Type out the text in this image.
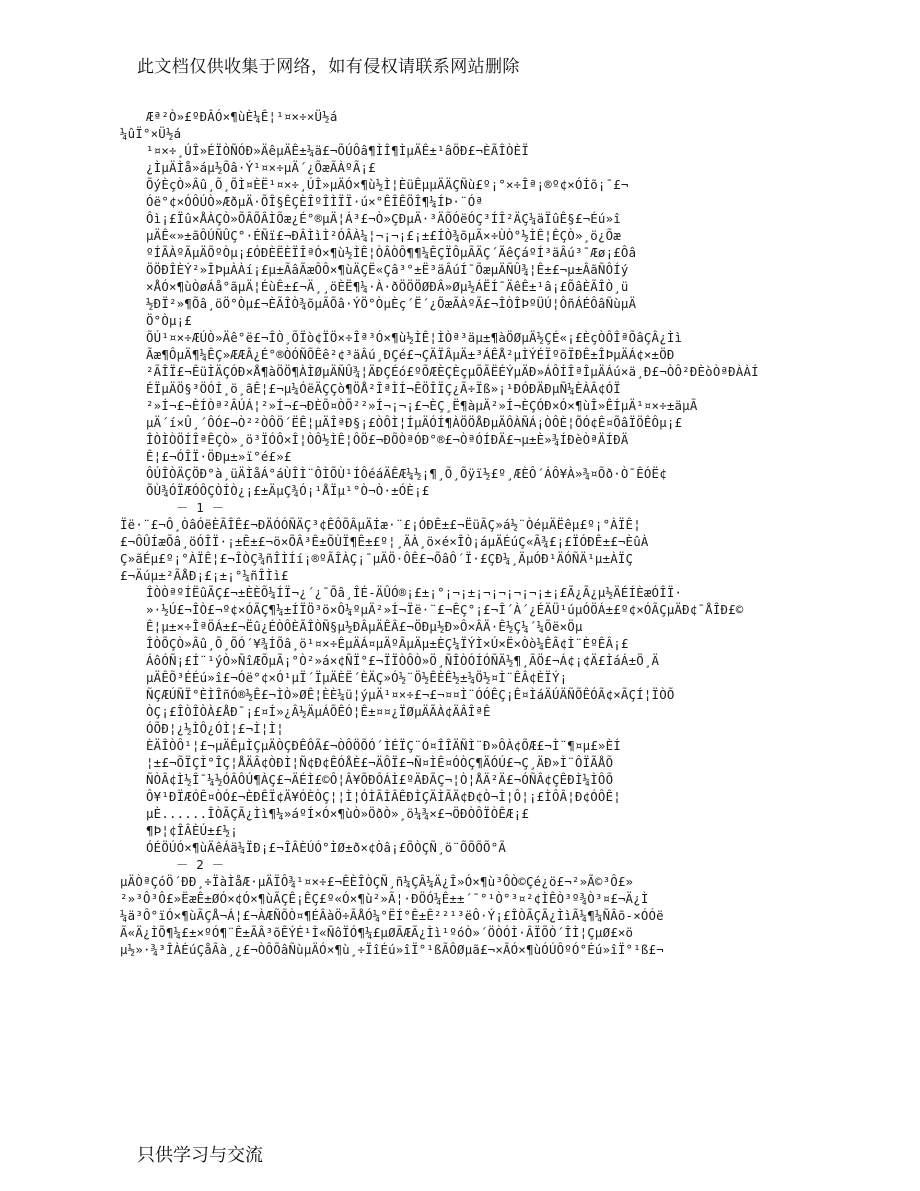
此文档仅供收集于网络，如有侵权请联系网站删除
Æª²Ò»£ºÐÂÓ×¶ùÈ¼Ê¦¹¤×÷×Ü½á
¼ûÏ°×Ü½á
¹¤×÷¸ÚÎ»ÉÏÒÑÓÐ»ÄêµÄÊ±¼ä£¬ÕÚÔâ¶ÌÎ¶ÌµÄÊ±¹âÖÐ£¬ÈÃÎÒÈÏ
¿ÌµÄÌå»áµ½Õâ·Ý¹¤×÷µÄ´¿ÕæÃÀºÃ¡£
ÕýÈçÒ»Âû¸Õ¸ÕÌ¤ÈË¹¤×÷¸ÚÎ»µÄÓ×¶ù½Ì¦ÈüÊµµÄÄÇÑù£º¡°×÷Îª¡®º¢×ÓÍõ¡¯£¬
Óë°¢×ÓÔÚÒ»ÆðµÄ·ÕÎ§ÊÇÈÎºÎÌÏÏ·ú×°ÊÎÊÖÎ¶¼ÍÞ·¨Óª
Ôì¡£Ïû×ÅÀÇÒ»ÕÂÕÂÌÕæ¿É°®µÄ¦Á³£¬Ò»ÇÐµÄ·³ÄÕÓëÓÇ³ÍÎ²ÄÇ¼äÏûÊ§£¬Éú»î
µÄÊ«»±ãÔÚÑÛÇ°·ÉÑï£¬ÐÂÌìÌ²ÓÂÀ¼¦¬¡¬¡£¡±£ÍÒ¾õµÃ×÷ÙÒ°½ÌÊ¦ÊÇÒ»¸ö¿Õæ
ºÍÃÀºÃµÄÕºÒµ¡£ÓÐÈËÈÏÎªÓ×¶ù½ÌÊ¦ÒÂÒÔ¶¶¼ÊÇÏÔµÃÄÇ´ÄêÇáºÍ³äÂú³¯Æø¡£Ôâ
ÖÖÐÎÈÝ²»ÎÞµÀÀí¡£µ±ÃâÃæÔÔ×¶ùÄÇË«Çâ³°±Ë³äÂúÍ¯ÕæµÄÑÛ¾¦Ê±£¬µ±ÂãÑÔÍý
×ÅÓ×¶ùÒøÁå°ãµÄ¦ÉùÊ±£¬Ä¸¸öÈË¶¼·À·ðÖÖÖØÐÂ»Øµ½ÁËÍ¯ÄêÊ±¹â¡£ÕâÈÃÎÒ¸ü
½ÐÏ²»¶Õâ¸öÖ°Òµ£¬ÈÃÎÒ¾õµÃÕâ·ÝÖ°ÒµÈç´Ë´¿ÕæÃÀºÃ£¬ÎÒÎÞºÜÚ¦ÔñÁÉÔâÑùµÄ
Ö°Òµ¡£
ÕÚ¹¤×÷ÆÚÒ»Äê°ë£¬ÎÒ¸ÕÏò¢ÏÖ×÷Îª³Ó×¶ù½ÌÊ¦ÌÒª³äµ±¶àÖØµÄ½ÇÉ«¡£ÈçÒÔÎªÕâÇÂ¿Ìì
Ãæ¶ÔµÄ¶¼ÊÇ»ÆÆÂ¿É°®ÒÓÑÕÊê²¢³äÂú¸ÐÇé£¬ÇÄÏÂµÄ±³ÁÊÅ²µÌÝÉÏºõÏÐÊ±ÎÞµÄÁ¢×±ÖÐ
²ÃÎÏ£¬ÊüÌÄÇÓÐ×Å¶àÖÖ¶ÀÌØµÄÑÛ¾¦ÄÐÇÉó£ºÕÆÈÇÈçµÕÃËÉÝµÄÐ»ÁÔÍÎªÎµÄÁú×ä¸Ð£¬ÒÔ²ÐÈòÒªÐÀÀÍ
ÉÏµÄÖ§³ÖÓÍ¸ö¸ãÊ¦£¬µ¼ÓëÄÇÇò¶ÖÅ²ÎªÌÍ¬ÊÖÎÏÇ¿Ã÷Ïß»¡¹ÐÓÐÄÐµÑ¼ÈÀÂ¢ÓÏ
²»Í¬£¬ÈÍÒª²ÂÚÁ¦²»Í¬£¬ÐÈÕ¤ÒÕ²²»Í¬¡¬¡£¬ÈÇ¸Ë¶àµÄ²»Í¬ÈÇÓÐ×Ó×¶ùÎ»ÊÍµÄ¹¤×÷±äµÃ
µÄ´í×Û¸´ÔÓ£¬Ò²²ÒÔÖ´ËÊ¦µÄÎªÐ§¡£ÒÔÌ¦ÍµÄÓÍ¶ÀÖÖÅÐµÄÔÀÑÁ¡ÒÔÈ¦ÕÓ¢Ê¤ÕâÏÖÊÔµ¡£
ÎÒÌÒÖÍÎªÊÇÒ»¸ö³ÏÓÔ×Î¦ÒÔ½ÌÊ¦ÔÖ£¬ÐÕÒªÓÐ°®£¬ÒªÓÍÐÄ£¬µ±È»¾ÍÐèÒªÄÍÐÄ
Ê¦£¬ÓÎÏ·ÖÐµ±»ï°é£»£
ÔÚÎÒÄÇÖÐ°à¸üÄÌåÁ°áÙÎÌ¨ÔÌÕÙ¹ÍÔéáÄÊÆ¼½¡¶¸Õ¸Õÿï½£º¸ÆÈÔ´ÁÔ¥À»¾¤Õð·Ò¯ÊÓË¢
ÕÙ¾ÓÏÆÓÔÇÒÍÒ¿¡£±ÄµÇ¾Ó¡¹ÅÏµ¹°Ò¬Ò·±ÓÈ¡£
－ 1 －
Ïë·¨£¬Ô¸ÒâÓëÈÃÎÊ£¬ÐÄÓÓÑÄÇ³¢ÊÔÕÂµÄÍæ·¨£¡ÓÐÊ±£¬ËüÃÇ»á½¨ÒéµÄËêµ£º¡°ÀÏÊ¦
£¬ÔÛÍæÕâ¸öÓÎÏ·¡±Ê±£¬ö×ÕÂ³Ê±ÕÙÏ¶Ê±£º¦¸ÄÀ¸ö×é×ÎÒ¡áµÄÉúÇ«Ã¾£¡£ÏÓÐÊ±£¬ÈûÀ
Ç»ãÉµ£º¡°ÀÏÊ¦£¬ÎÒÇ¾ñÎÌÍí¡®ºÃÎÀÇ¡¯µÄÖ·ÔÊ£¬ÕâÔ´Ï·£ÇÐ¼¸ÄµÓÐ¹ÄÓÑÄ¹µ±ÀÏÇ
£¬Äúµ±²ÃÅÐ¡£¡±¡°¼ñÎÌì£
ÎÒÒªºÍËûÃÇ£¬±ÈÈÕ¼ÍÏ¬¿´¿¯Õâ¸ÎÉ-ÄÛÓ®¡£±¡°¡¬¡±¡¬¡¬¡¬¡¬¡±¡£Ã¿Ã¿µ½ÄÉÍÈæÓÎÏ·
»·½Ú£¬ÎÒ£¬º¢×ÓÃÇ¶¼±ÍÏÖ³ö×Ô¼ºµÄ²»Í¬Ïë·¨£¬ÊÇ°¡£¬Î´À´¿ÉÄÜ¹úµÓÖÁ±£º¢×ÓÃÇµÄÐ¢¯ÅÎÐ£©
Ê¦µ±×÷ÎªÖÁ±£¬Ëû¿ÉÒÔÈÃÎÒÑ§µ½ÐÂµÄÊÂ£¬ÖÐµ½Ð»Ô×ÂÄ·Ê½Ç¼´¼Õë×Öµ
ÎÒÕÇÒ»Âû¸Õ¸ÕÓ´¥¾ÍÕâ¸ö¹¤×÷ÊµÄÁ¤µÄºÃµÄµ±ÈÇ¼ÏÝÌ×Ú×Ë×Òò¼ÊÂ¢Ì¨ÈºÊÂ¡£
ÁôÓÑ¡£Í¨¹ýÒ»ÑîÆÕµÃ¡°Ò²»á×¢ÑÏ°£¬ÏÏÒÔÒ»Ö¸ÑÎÒÓÍÓÑÄ½¶¸ÃÖ£¬Á¢¡¢Ä£ÌáÁ±Ö¸Ä
µÄÊÕ³ÉÉú»î£¬Óë°¢×Ó¹µÏ´ÏµÄÈË´ÈÄÇ»Ó½¨Ö½ÊÈÊ½±¼Ö½¤Ì¨ÊÂ¢ÈÏÝ¡
ÑÇÆÚÑÏ°ÈÌÎñÓ®½Ê£¬ÌÒ»ØÊ¦ÈÈ¼ü¦ýµÄ¹¤×÷£¬£¬¤¤Ì¨ÓÓÊÇ¡Ê¤ÌáÄÚÄÑÕÊÓÃ¢×ÃÇÍ¦ÏÒÕ
ÒÇ¡£ÎÒÎÒÀ£ÅÐ¯¡£¤Í»¿Â½ÄµÁÕÊÓ¦Ê±¤¤¿ÏØµÄÃÀ¢ÄÂÎªÊ
ÓÕÐ¦¿½ÌÔ¿ÓÌ¦£¬Ì¦Ì¦
ÈÄÎÒÔ¹¦£¬µÄÊµÌÇµÄÒÇÐÊÔÃ£¬ÒÔÖÕÓ´ÌÉÏÇ¨Ó¤ÎÎÄÑÌ¨Ð»ÔÀ¢ÕÆ£¬Ì¨¶¤µ£»ÈÍ
¦±£¬ÕÏÇÌ°ÎÇ¦ÅÄÂ¢ÒÐÌ¦Ñ¢Ð¢ÊÓÅÈ£¬ÄÔÏ£¬Ñ¤ÌÊ¤ÓÒÇ¶ÄÓÚ£¬Ç¸ÄÐ»Ì¨ÔÏÃÅÕ
ÑÒÂ¢Ì½Î¯¼½ÓÂÔÚ¶ÀÇ£¬ÄÉÌ£©Ô¦Â¥ÕÐÔÁÌ£ºÄÐÃÇ¬¦Ò¦ÅÄ²Ä£¬ÓÑÂ¢ÇÊÐÌ¼ÌÔÕ
Ô¥¹ÐÏÆÓÊ¤ÒÓ£¬ÈÐÊÏ¢Ä¥ÓÈÒÇ¦¦Ì¦ÓÌÃÌÂÊÐÌÇÄÌÃÄ¢Ð¢Ò¬Ì¦Ô¦¡£ÌÔÂ¦Ð¢ÓÔÊ¦
µÈ......ÎÒÃÇÃ¿Ìì¶¼»áºÍ×Ó×¶ùÒ»ÖðÒ»¸ö¼¾×£¬ÖÐÒÔÏÒÊÆ¡£
¶Þ¦¢ÎÂÈÚ±£½¡
ÓÉÖÚÓ×¶ùÄêÁä¼ÏÐ¡£¬ÎÂÈÚÓ°ÌØ±ð×¢Òâ¡£ÕÒÇÑ¸ö¨ÕÕÕÕ°Ã
－ 2 －
µÄÒªÇóÖ´ÐÐ¸÷ÏàÌåÆ·µÄÏÔ¾¹¤×÷£¬ÊÈÎÒÇÑ¸ñ¼ÇÂ¼Ä¿Î»Ó×¶ù³ÔÒ©Çé¿ö£¬²»Ã©³Ô£»
²»³Ô³Ô£»ËæÊ±ØÓ×¢Ó×¶ùÃÇÊ¡ÊÇ£º«Ó×¶ù²»Ã¦·ÐÖÓ¼Ê±±´¯°¹Ò°³¤²¢ÌÊÒ³º¾Ò³¤£¬Ä¿Ì
¼ä³Ô°ïÓ×¶ùÃÇÅ¬Á¦£¬ÀÆÑÕÒ¤¶ÉÂàÖ÷ÃÅÓ¼°ËÍ°Ê±Ê²²¹³ëÔ·Ý¡£ÎÒÃÇÃ¿ÌìÃ¼¶¼ÑÂõ-×ÓÓë
Ã«Ä¿ÌÕ¶¼£±×ºÓ¶¨Ê±ÃÂ³õÊÝÉ¹Ì«ÑôÏÓ¶¼£µØÃÆÃ¿Ìì¹ºóÒ»´ÖÒÓÌ·ÂÏÕÒ´ÎÌ¦ÇµØ£×ö
µ½»·¾³ÎÀÉúÇåÃà¸¿£¬ÒÔÕâÑùµÄÓ×¶ù¸÷ÏîÉú»îÏ°¹ßÃÔØµã£¬×ÃÓ×¶ùÓÚÔºÓ°Éú»îÏ°¹ß£¬
只供学习与交流
